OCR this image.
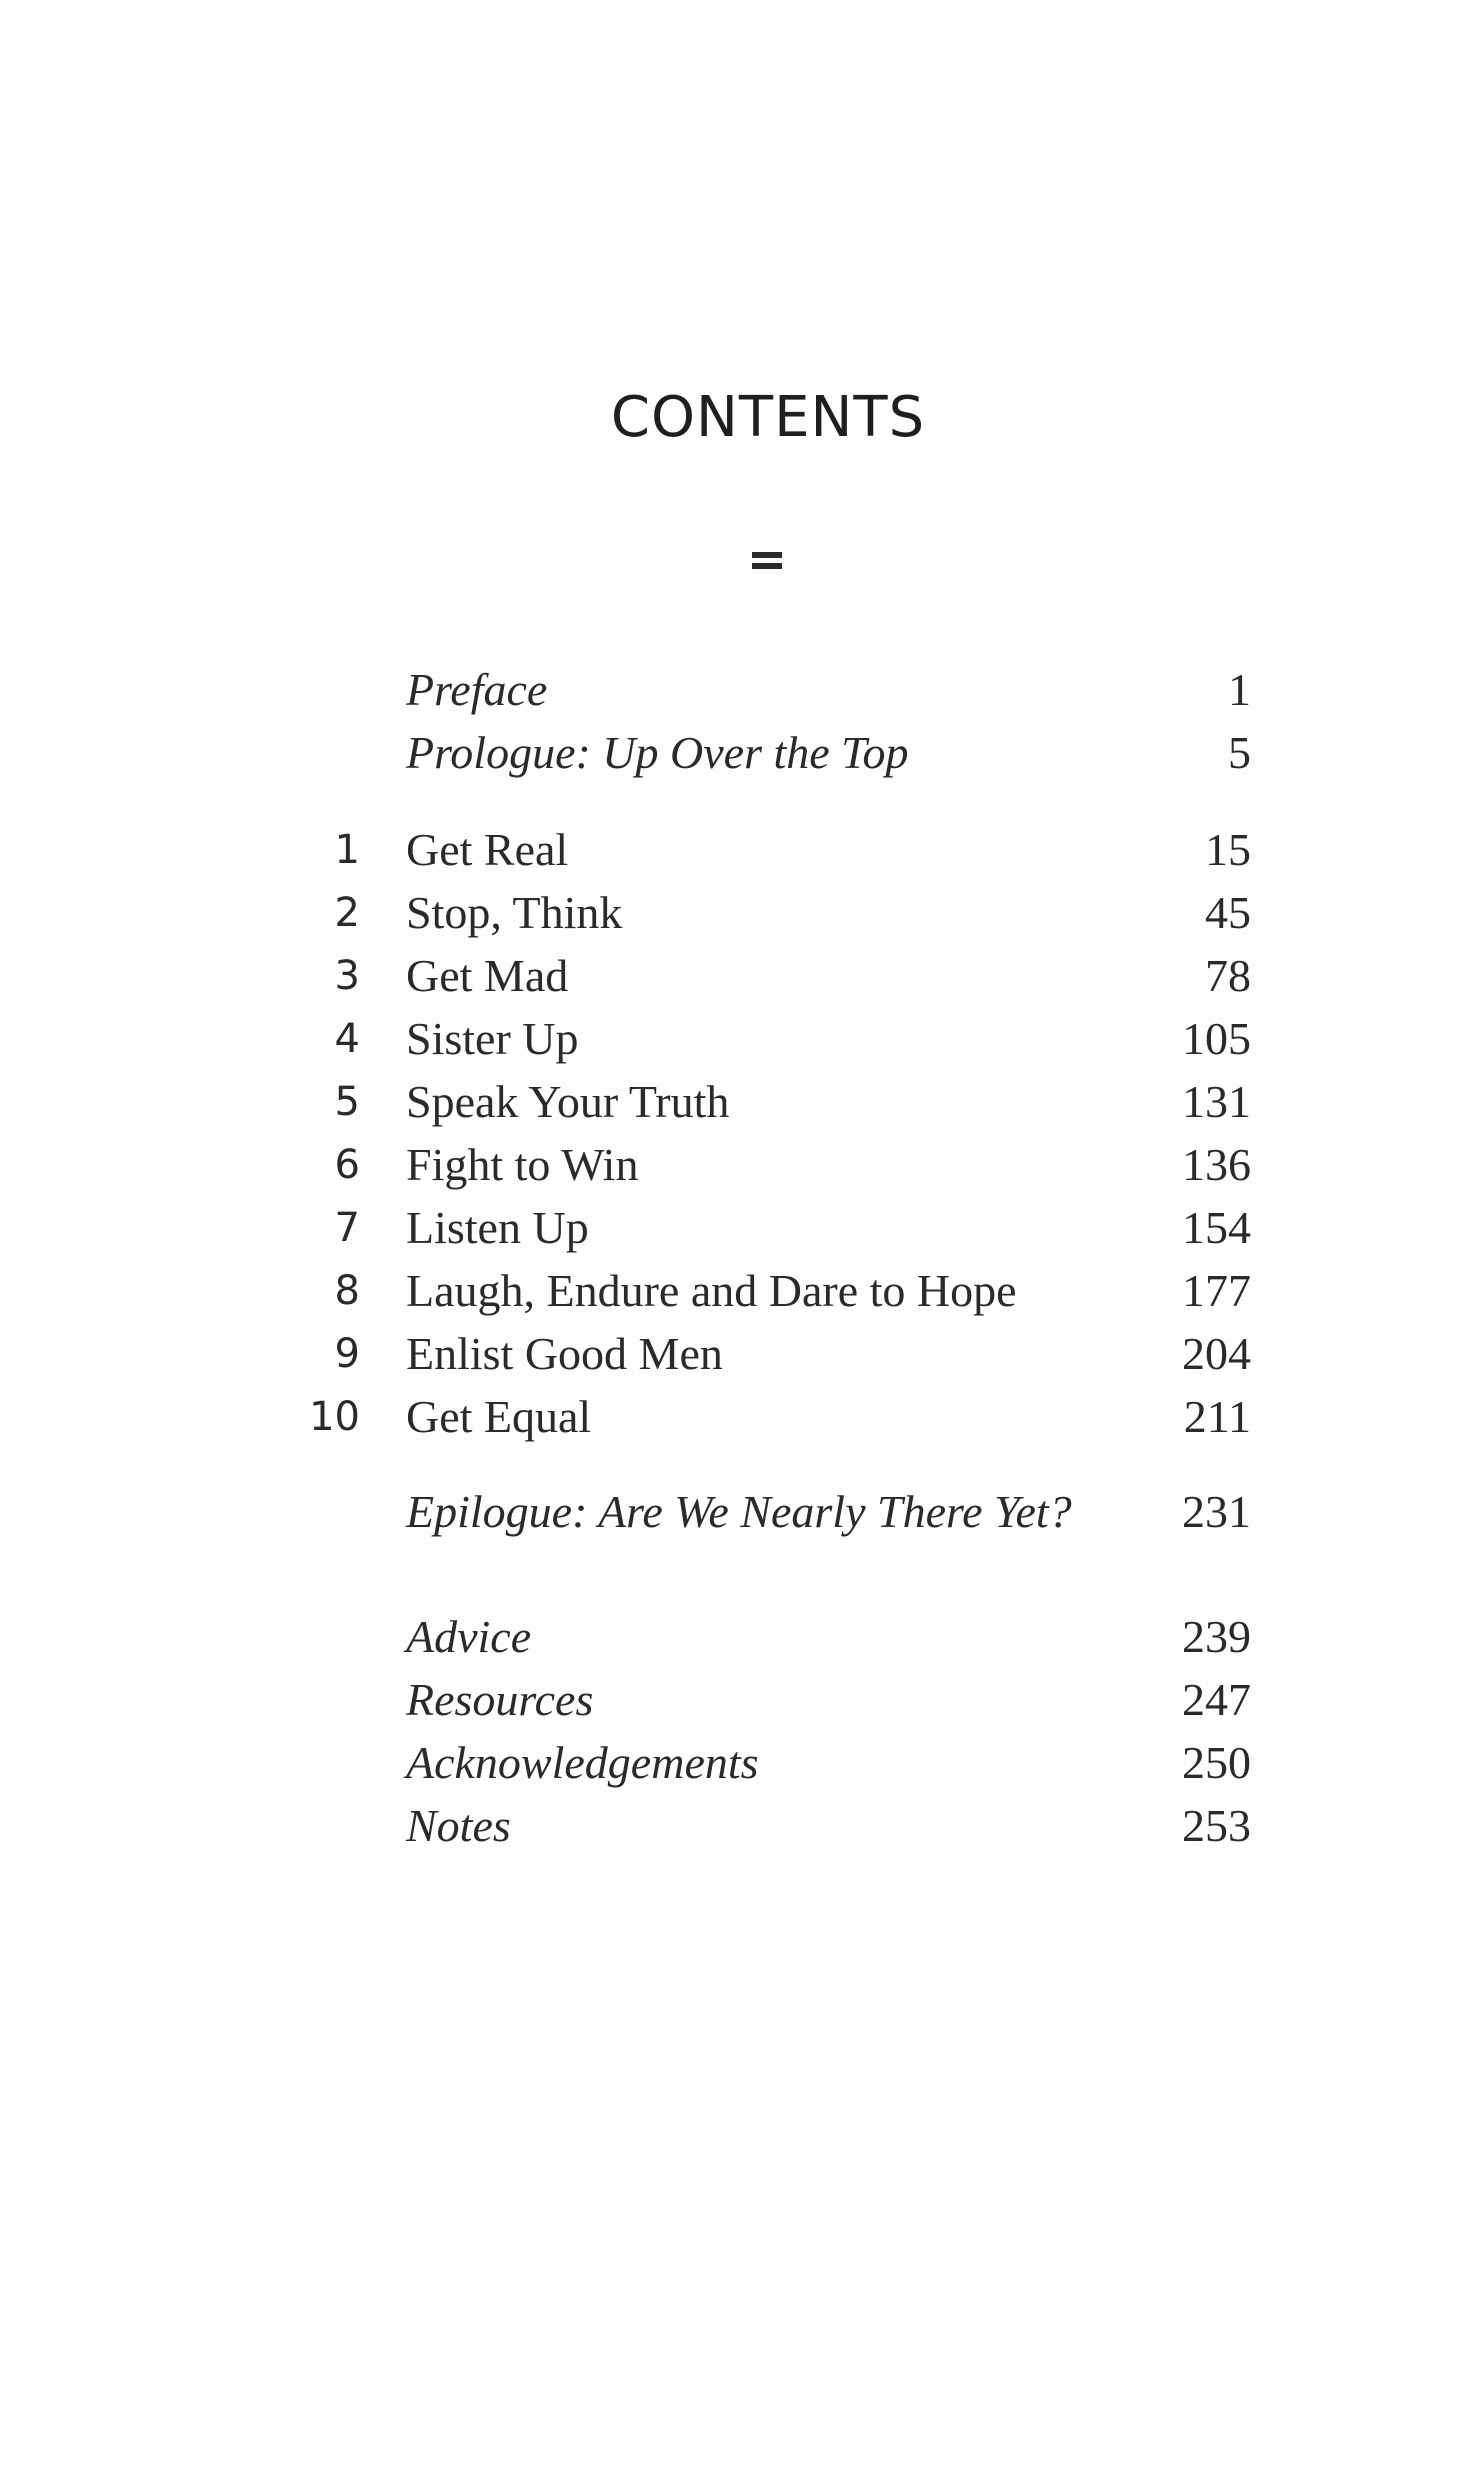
CONTENTS
Preface	1
Prologue: Up Over the Top	5
1 Get Real	15
2 Stop, Think	45
3 Get Mad	78
4 Sister Up	105
5 Speak Your Truth	131
6 Fight to Win	136
7 Listen Up	154
8 Laugh, Endure and Dare to Hope	177
9 Enlist Good Men	204
10 Get Equal	211
Epilogue: Are We Nearly There Yet? 231
Advice	239
Resources	247
Acknowledgements	250
Notes	253
